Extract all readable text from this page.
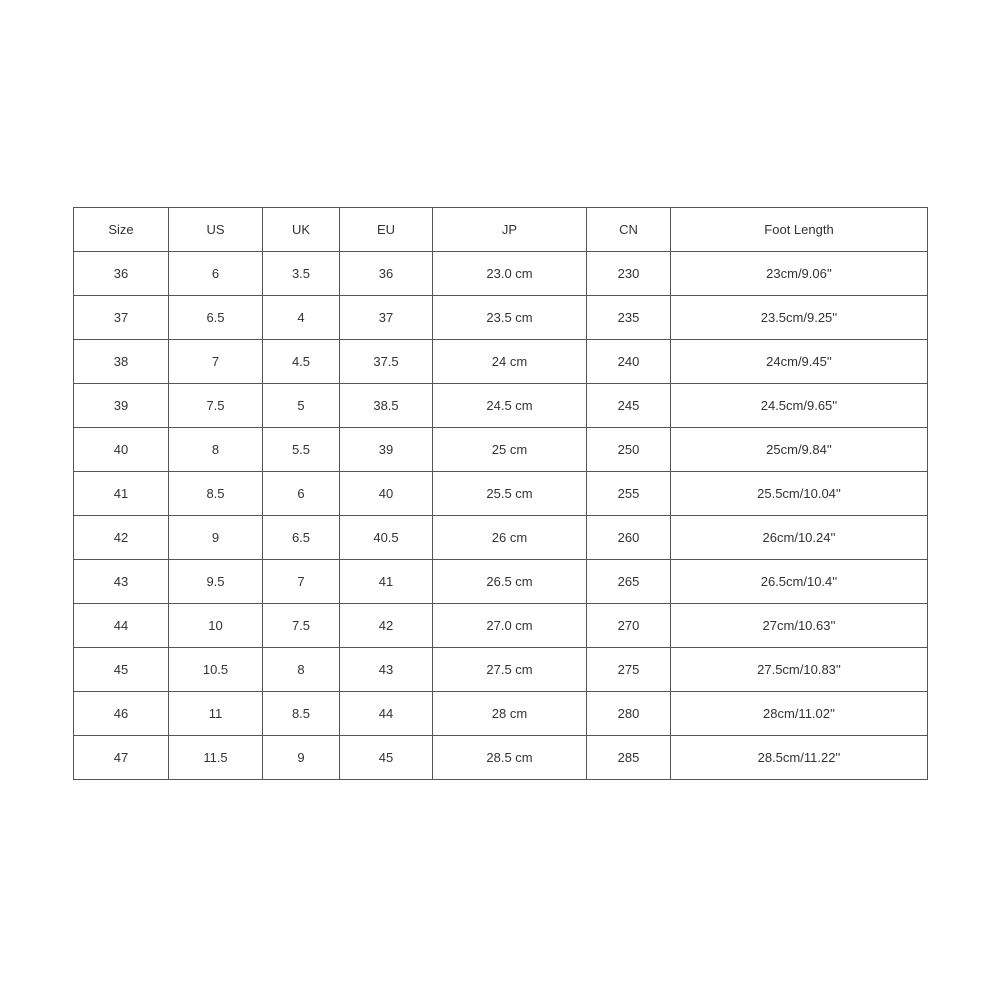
Size	US	UK	EU	JP	CN	Foot Length
36	6	3.5	36	23.0 cm	230	23cm/9.06''
37	6.5	4	37	23.5 cm	235	23.5cm/9.25''
38	7	4.5	37.5	24 cm	240	24cm/9.45''
39	7.5	5	38.5	24.5 cm	245	24.5cm/9.65''
40	8	5.5	39	25 cm	250	25cm/9.84''
41	8.5	6	40	25.5 cm	255	25.5cm/10.04''
42	9	6.5	40.5	26 cm	260	26cm/10.24''
43	9.5	7	41	26.5 cm	265	26.5cm/10.4''
44	10	7.5	42	27.0 cm	270	27cm/10.63''
45	10.5	8	43	27.5 cm	275	27.5cm/10.83''
46	11	8.5	44	28 cm	280	28cm/11.02''
47	11.5	9	45	28.5 cm	285	28.5cm/11.22''
